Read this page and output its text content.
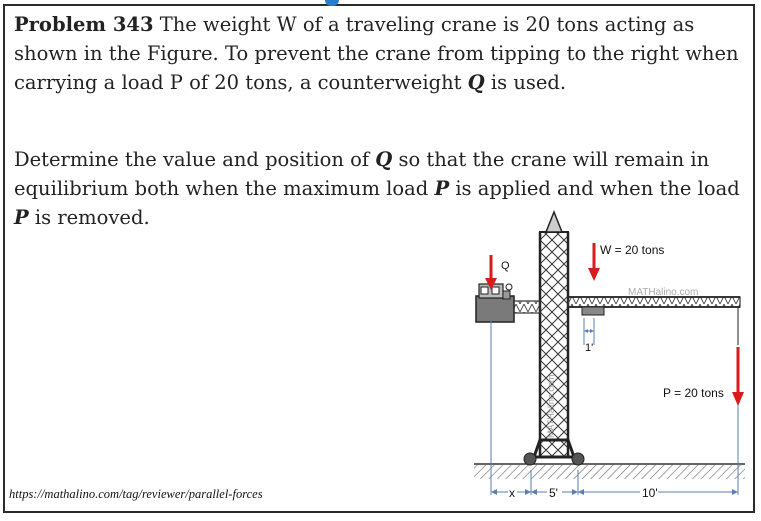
Problem 343 The weight W of a traveling crane is 20 tons acting as shown in the Figure. To prevent the crane from tipping to the right when carrying a load P of 20 tons, a counterweight Q is used.
Determine the value and position of Q so that the crane will remain in equilibrium both when the maximum load P is applied and when the load P is removed.
MATHalino.com
MATHalino.com
Q
W = 20 tons
P = 20 tons
x	5'	10'
1'
https://mathalino.com/tag/reviewer/parallel-forces
